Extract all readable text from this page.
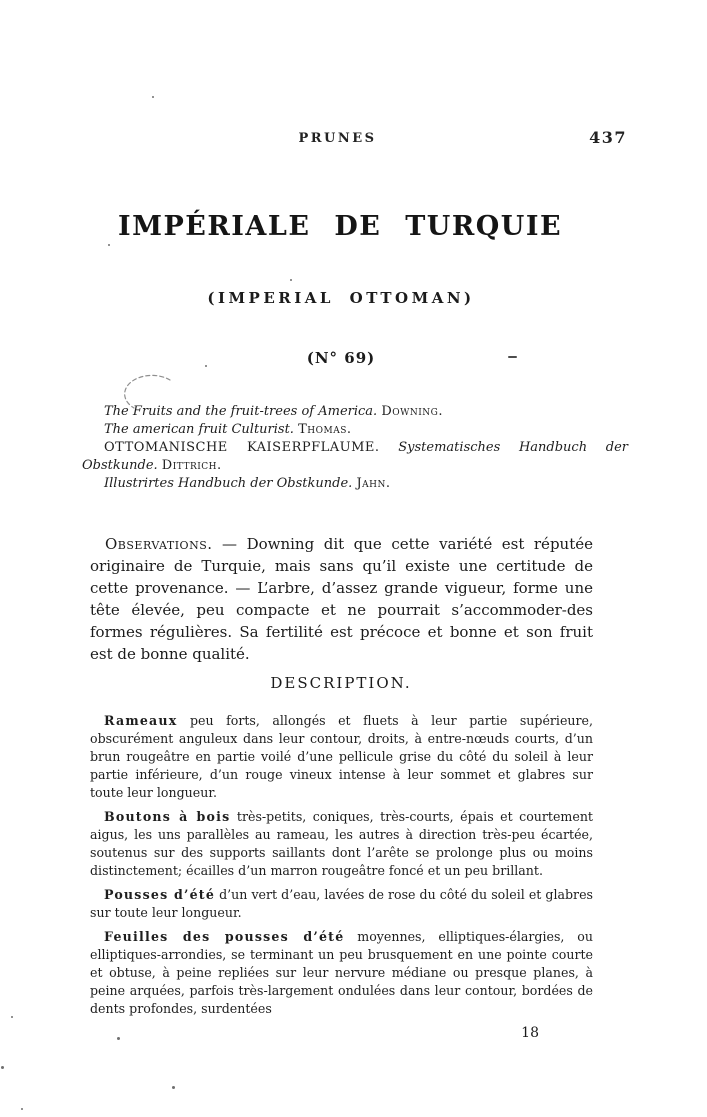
PRUNES	437
IMPÉRIALE DE TURQUIE
(IMPERIAL OTTOMAN)
(N° 69)

The Fruits and the fruit-trees of America. Downing.

The american fruit Culturist. Thomas.

OTTOMANISCHE KAISERPFLAUME. Systematisches Handbuch der Obstkunde. Dittrich.

Illustrirtes Handbuch der Obstkunde. Jahn.

Observations. — Downing dit que cette variété est réputée originaire de Turquie, mais sans qu’il existe une certitude de cette provenance. — L’arbre, d’assez grande vigueur, forme une tête élevée, peu compacte et ne pourrait s’accommoder-des formes régulières. Sa fertilité est précoce et bonne et son fruit est de bonne qualité.
DESCRIPTION.

Rameaux peu forts, allongés et fluets à leur partie supérieure, obscurément anguleux dans leur contour, droits, à entre-nœuds courts, d’un brun rougeâtre en partie voilé d’une pellicule grise du côté du soleil à leur partie inférieure, d’un rouge vineux intense à leur sommet et glabres sur toute leur longueur.

Boutons à bois très-petits, coniques, très-courts, épais et courtement aigus, les uns parallèles au rameau, les autres à direction très-peu écartée, soutenus sur des supports saillants dont l’arête se prolonge plus ou moins distinctement; écailles d’un marron rougeâtre foncé et un peu brillant.

Pousses d’été d’un vert d’eau, lavées de rose du côté du soleil et glabres sur toute leur longueur.

Feuilles des pousses d’été moyennes, elliptiques-élargies, ou elliptiques-arrondies, se terminant un peu brusquement en une pointe courte et obtuse, à peine repliées sur leur nervure médiane ou presque planes, à peine arquées, parfois très-largement ondulées dans leur contour, bordées de dents profondes, surdentées

18
